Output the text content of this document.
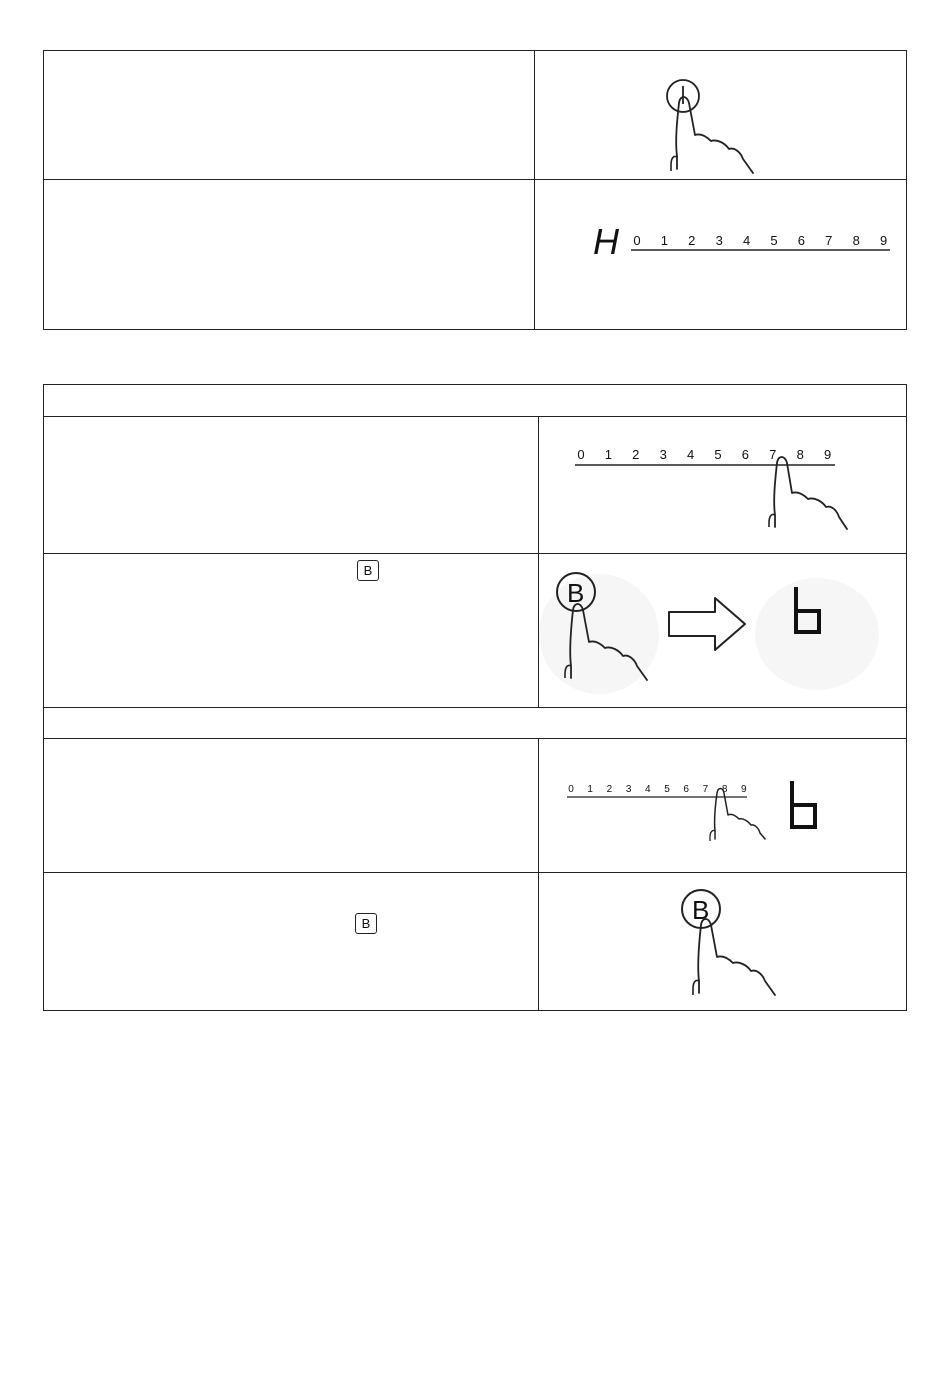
H 0 1 2 3 4 5 6 7 8 9
0 1 2 3 4 5 6 7 8 9
B
B
0 1 2 3 4 5 6 7 8 9
B	B
